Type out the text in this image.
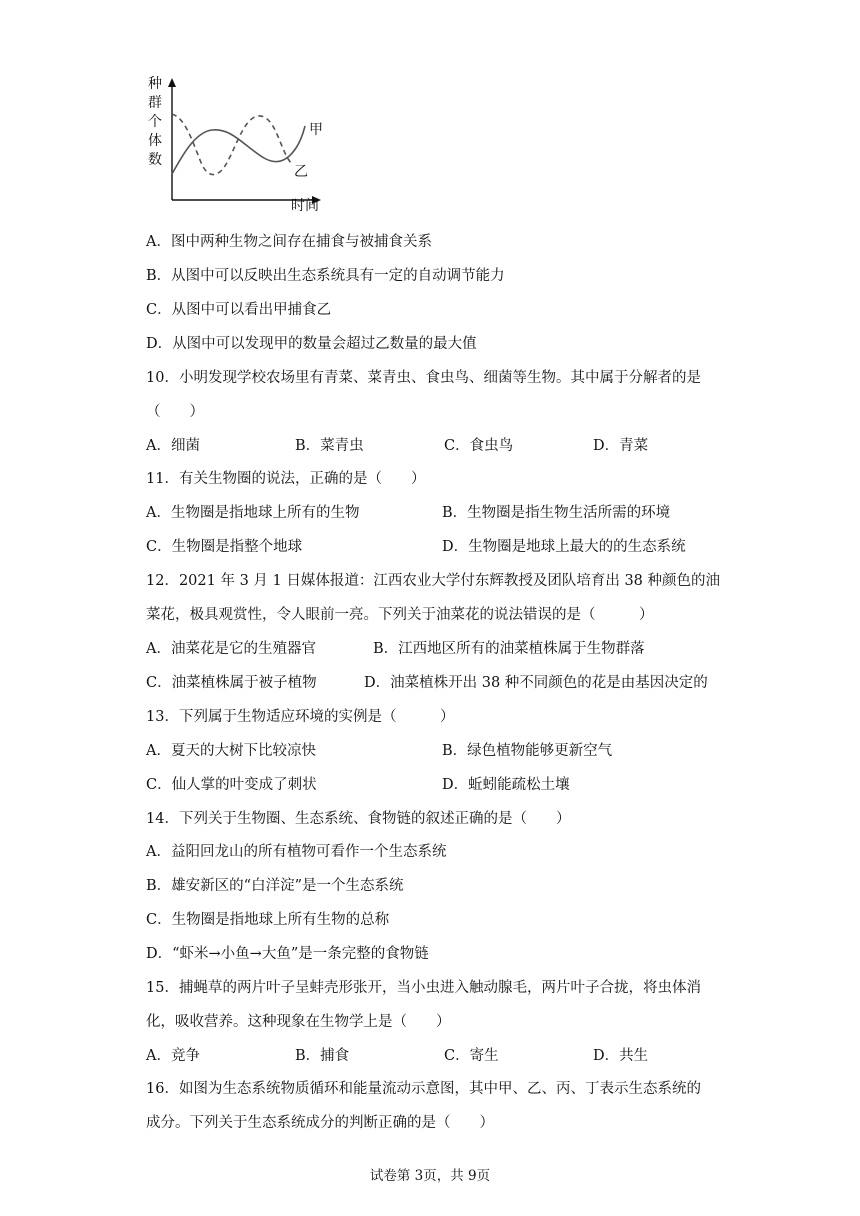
种
群
个
体
数
时间
甲
乙
A．图中两种生物之间存在捕食与被捕食关系
B．从图中可以反映出生态系统具有一定的自动调节能力
C．从图中可以看出甲捕食乙
D．从图中可以发现甲的数量会超过乙数量的最大值
10．小明发现学校农场里有青菜、菜青虫、食虫鸟、细菌等生物。其中属于分解者的是
（　　）
A．细菌	B．菜青虫	C．食虫鸟	D．青菜
11．有关生物圈的说法，正确的是（　　）
A．生物圈是指地球上所有的生物	B．生物圈是指生物生活所需的环境
C．生物圈是指整个地球	D．生物圈是地球上最大的的生态系统
12．2021 年 3 月 1 日媒体报道：江西农业大学付东辉教授及团队培育出 38 种颜色的油
菜花，极具观赏性，令人眼前一亮。下列关于油菜花的说法错误的是（　　　）
A．油菜花是它的生殖器官	B．江西地区所有的油菜植株属于生物群落
C．油菜植株属于被子植物	D．油菜植株开出 38 种不同颜色的花是由基因决定的
13．下列属于生物适应环境的实例是（　　　）
A．夏天的大树下比较凉快	B．绿色植物能够更新空气
C．仙人掌的叶变成了刺状	D．蚯蚓能疏松土壤
14．下列关于生物圈、生态系统、食物链的叙述正确的是（　　）
A．益阳回龙山的所有植物可看作一个生态系统
B．雄安新区的“白洋淀”是一个生态系统
C．生物圈是指地球上所有生物的总称
D．“虾米→小鱼→大鱼”是一条完整的食物链
15．捕蝇草的两片叶子呈蚌壳形张开，当小虫进入触动腺毛，两片叶子合拢，将虫体消
化，吸收营养。这种现象在生物学上是（　　）
A．竞争	B．捕食	C．寄生	D．共生
16．如图为生态系统物质循环和能量流动示意图，其中甲、乙、丙、丁表示生态系统的
成分。下列关于生态系统成分的判断正确的是（　　）
试卷第 3页，共 9页
